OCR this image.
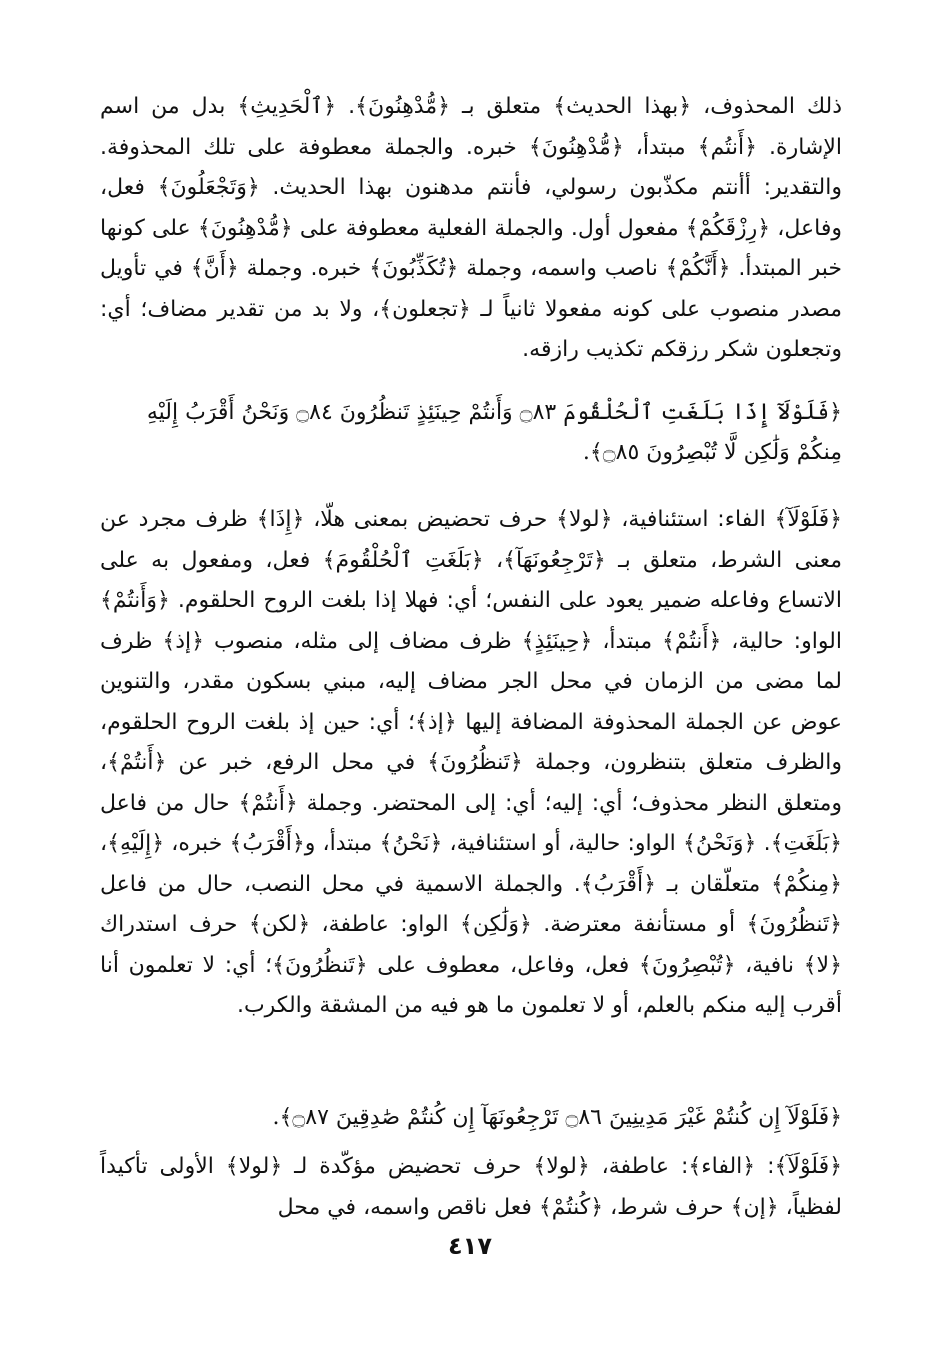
ذلك المحذوف، ﴿بهذا الحديث﴾ متعلق بـ ﴿مُّدْهِنُونَ﴾. ﴿ٱلْحَدِيثِ﴾ بدل من اسم الإشارة. ﴿أَنتُم﴾ مبتدأ، ﴿مُّدْهِنُونَ﴾ خبره. والجملة معطوفة على تلك المحذوفة. والتقدير: أأنتم مكذّبون رسولي، فأنتم مدهنون بهذا الحديث. ﴿وَتَجْعَلُونَ﴾ فعل، وفاعل، ﴿رِزْقَكُمْ﴾ مفعول أول. والجملة الفعلية معطوفة على ﴿مُّدْهِنُونَ﴾ على كونها خبر المبتدأ. ﴿أَنَّكُمْ﴾ ناصب واسمه، وجملة ﴿تُكَذِّبُونَ﴾ خبره. وجملة ﴿أَنَّ﴾ في تأويل مصدر منصوب على كونه مفعولا ثانياً لـ ﴿تجعلون﴾، ولا بد من تقدير مضاف؛ أي: وتجعلون شكر رزقكم تكذيب رازقه.
﴿فَلَوْلَآ إِذَا بَلَغَتِ ٱلْحُلْقُومَ ۝٨٣ وَأَنتُمْ حِينَئِذٍ تَنظُرُونَ ۝٨٤ وَنَحْنُ أَقْرَبُ إِلَيْهِ مِنكُمْ وَلَٰكِن لَّا تُبْصِرُونَ ۝٨٥﴾.
﴿فَلَوْلَآ﴾ الفاء: استئنافية، ﴿لولا﴾ حرف تحضيض بمعنى هلّا، ﴿إِذَا﴾ ظرف مجرد عن معنى الشرط، متعلق بـ ﴿تَرْجِعُونَهَآ﴾، ﴿بَلَغَتِ ٱلْحُلْقُومَ﴾ فعل، ومفعول به على الاتساع وفاعله ضمير يعود على النفس؛ أي: فهلا إذا بلغت الروح الحلقوم. ﴿وَأَنتُمْ﴾ الواو: حالية، ﴿أَنتُمْ﴾ مبتدأ، ﴿حِينَئِذٍ﴾ ظرف مضاف إلى مثله، منصوب ﴿إذ﴾ ظرف لما مضى من الزمان في محل الجر مضاف إليه، مبني بسكون مقدر، والتنوين عوض عن الجملة المحذوفة المضافة إليها ﴿إذ﴾؛ أي: حين إذ بلغت الروح الحلقوم، والظرف متعلق بتنظرون، وجملة ﴿تَنظُرُونَ﴾ في محل الرفع، خبر عن ﴿أَنتُمْ﴾، ومتعلق النظر محذوف؛ أي: إليه؛ أي: إلى المحتضر. وجملة ﴿أَنتُمْ﴾ حال من فاعل ﴿بَلَغَتِ﴾. ﴿وَنَحْنُ﴾ الواو: حالية، أو استئنافية، ﴿نَحْنُ﴾ مبتدأ، و﴿أَقْرَبُ﴾ خبره، ﴿إِلَيْهِ﴾، ﴿مِنكُمْ﴾ متعلّقان بـ ﴿أَقْرَبُ﴾. والجملة الاسمية في محل النصب، حال من فاعل ﴿تَنظُرُونَ﴾ أو مستأنفة معترضة. ﴿وَلَٰكِن﴾ الواو: عاطفة، ﴿لكن﴾ حرف استدراك ﴿لا﴾ نافية، ﴿تُبْصِرُونَ﴾ فعل، وفاعل، معطوف على ﴿تَنظُرُونَ﴾؛ أي: لا تعلمون أنا أقرب إليه منكم بالعلم، أو لا تعلمون ما هو فيه من المشقة والكرب.
﴿فَلَوْلَآ إِن كُنتُمْ غَيْرَ مَدِينِينَ ۝٨٦ تَرْجِعُونَهَآ إِن كُنتُمْ صَٰدِقِينَ ۝٨٧﴾.
﴿فَلَوْلَآ﴾: ﴿الفاء﴾: عاطفة، ﴿لولا﴾ حرف تحضيض مؤكّدة لـ ﴿لولا﴾ الأولى تأكيداً لفظياً، ﴿إن﴾ حرف شرط، ﴿كُنتُمْ﴾ فعل ناقص واسمه، في محل
٤١٧
